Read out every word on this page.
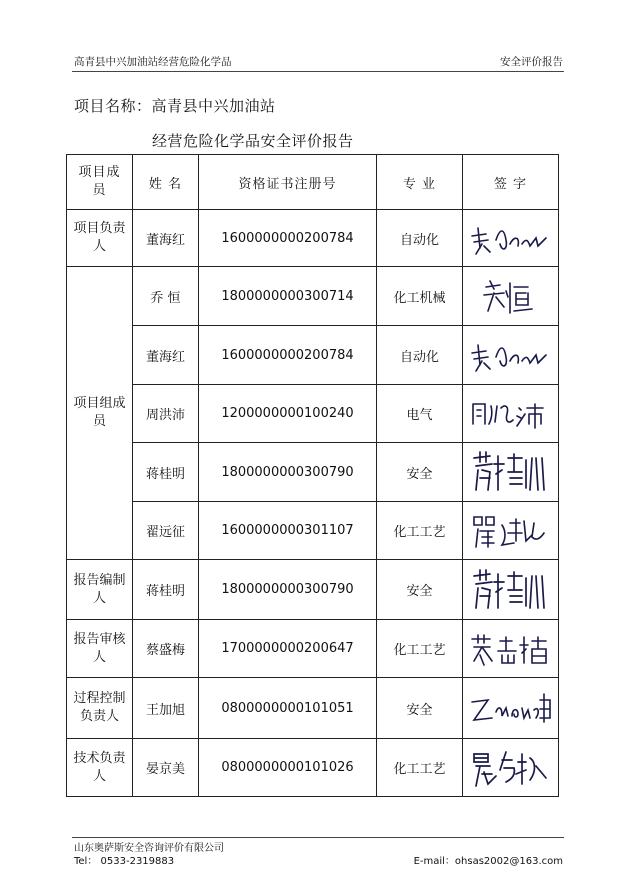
高青县中兴加油站经营危险化学品	安全评价报告
项目名称：高青县中兴加油站
经营危险化学品安全评价报告
项目成员	姓 名	资格证书注册号	专 业	签 字
项目负责人	董海红	1600000000200784	自动化	

项目组成员	乔 恒	1800000000300714	化工机械	

	董海红	1600000000200784	自动化	

	周洪沛	1200000000100240	电气	

	蒋桂明	1800000000300790	安全	

	翟远征	1600000000301107	化工工艺	

报告编制人	蒋桂明	1800000000300790	安全	

报告审核人	蔡盛梅	1700000000200647	化工工艺	

过程控制负责人	王加旭	0800000000101051	安全	

技术负责人	晏京美	0800000000101026	化工工艺	
山东奥萨斯安全咨询评价有限公司
Tel： 0533-2319883	E-mail：ohsas2002@163.com
